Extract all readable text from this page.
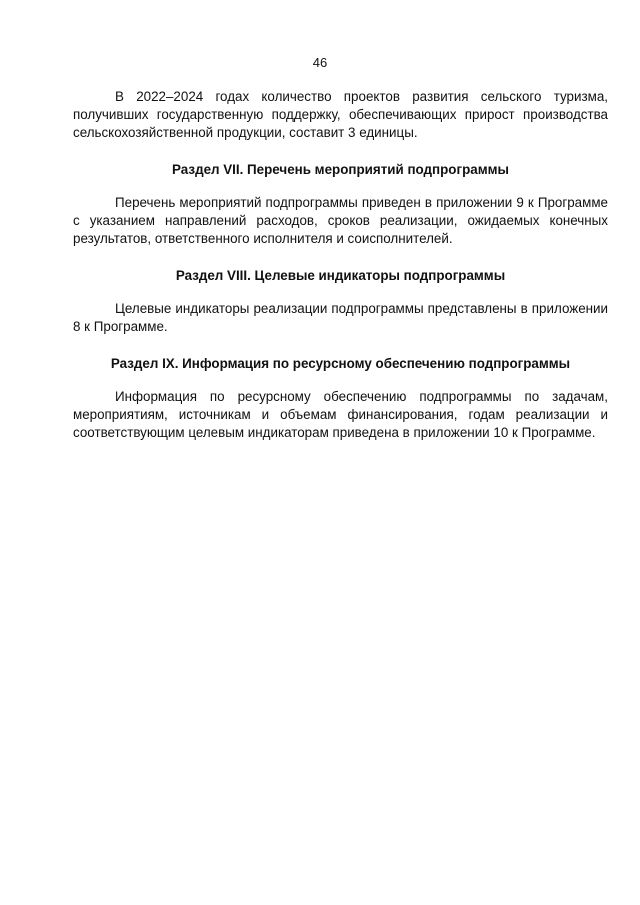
46

В 2022–2024 годах количество проектов развития сельского туризма, получивших государственную поддержку, обеспечивающих прирост производства сельскохозяйственной продукции, составит 3 единицы.

Раздел VII. Перечень мероприятий подпрограммы

Перечень мероприятий подпрограммы приведен в приложении 9 к Программе с указанием направлений расходов, сроков реализации, ожидаемых конечных результатов, ответственного исполнителя и соисполнителей.

Раздел VIII. Целевые индикаторы подпрограммы

Целевые индикаторы реализации подпрограммы представлены в приложении 8 к Программе.

Раздел IX. Информация по ресурсному обеспечению подпрограммы

Информация по ресурсному обеспечению подпрограммы по задачам, мероприятиям, источникам и объемам финансирования, годам реализации и соответствующим целевым индикаторам приведена в приложении 10 к Программе.
